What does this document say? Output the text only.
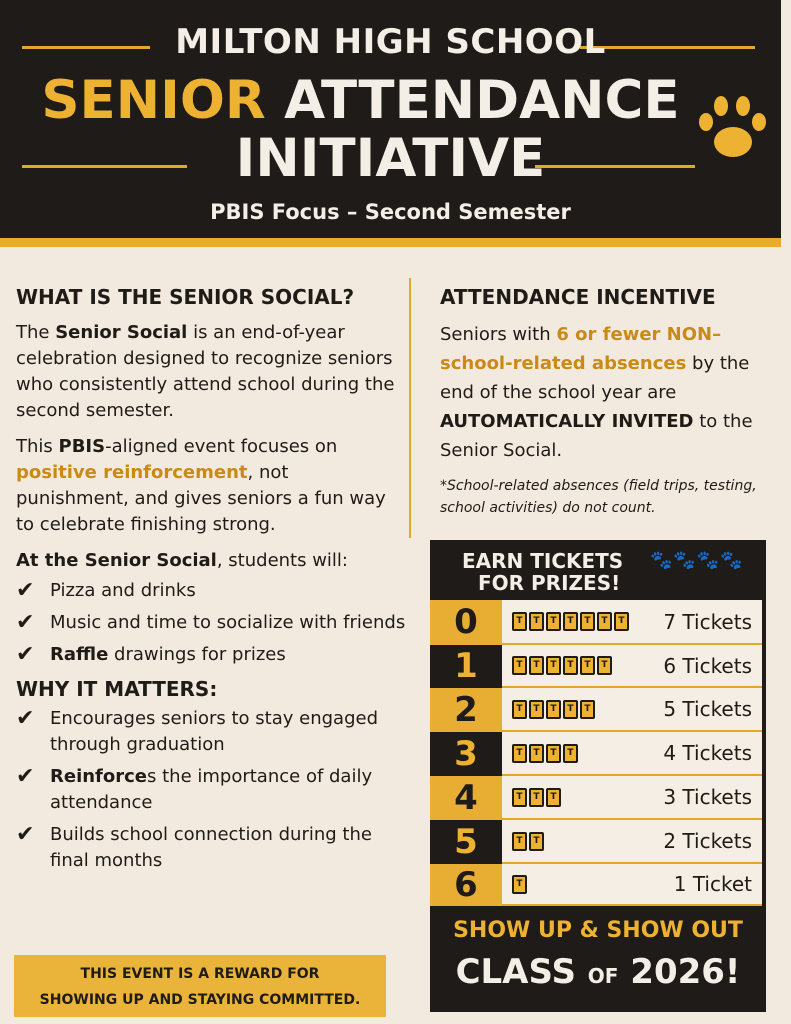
MILTON HIGH SCHOOL
SENIOR ATTENDANCE
INITIATIVE
PBIS Focus – Second Semester
WHAT IS THE SENIOR SOCIAL?

The Senior Social is an end-of-year celebration designed to recognize seniors who consistently attend school during the second semester.

This PBIS-aligned event focuses on positive reinforcement, not punishment, and gives seniors a fun way to celebrate finishing strong.

At the Senior Social, students will:

✔ Pizza and drinks
✔ Music and time to socialize with friends
✔ Raffle drawings for prizes
WHY IT MATTERS:
✔ Encourages seniors to stay engaged through graduation
✔ Reinforces the importance of daily attendance
✔ Builds school connection during the final months
THIS EVENT IS A REWARD FOR
SHOWING UP AND STAYING COMMITTED.
ATTENDANCE INCENTIVE

Seniors with 6 or fewer NON–school-related absences by the end of the school year are AUTOMATICALLY INVITED to the Senior Social.

*School-related absences (field trips, testing, school activities) do not count.

EARN TICKETS
FOR PRIZES!
🐾🐾🐾🐾
0	T	T	T	T	T	T	T 7 Tickets
1	T	T	T	T	T	T	6 Tickets
2	T	T	T	T	T	5 Tickets
3	T	T	T	T	4 Tickets
4	T	T	T	3 Tickets
5	T	T	2 Tickets
6	T	1 Ticket
SHOW UP & SHOW OUT
CLASS OF 2026!
